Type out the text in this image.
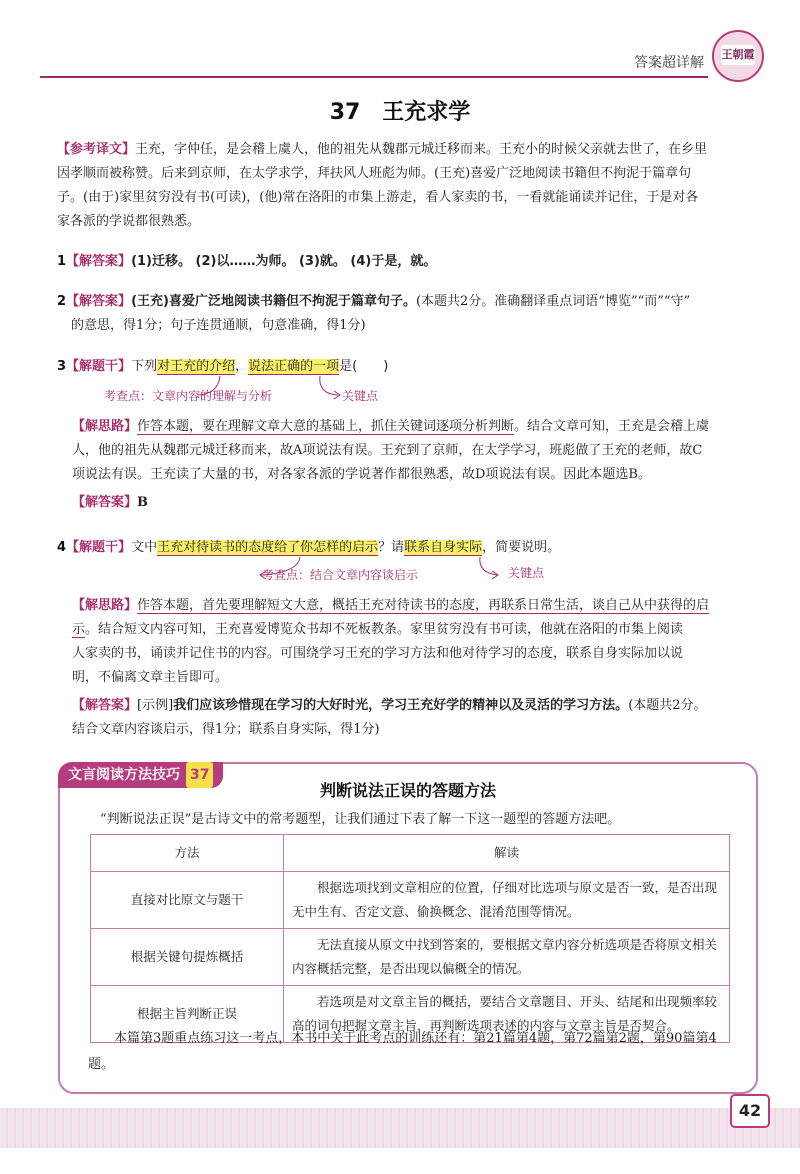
答案超详解
王朝霞
37　王充求学
【参考译文】王充，字仲任，是会稽上虞人，他的祖先从魏郡元城迁移而来。王充小的时候父亲就去世了，在乡里
因孝顺而被称赞。后来到京师，在太学求学，拜扶风人班彪为师。(王充)喜爱广泛地阅读书籍但不拘泥于篇章句
子。(由于)家里贫穷没有书(可读)，(他)常在洛阳的市集上游走，看人家卖的书，一看就能诵读并记住，于是对各
家各派的学说都很熟悉。
1【解答案】(1)迁移。 (2)以……为师。 (3)就。 (4)于是，就。
2【解答案】(王充)喜爱广泛地阅读书籍但不拘泥于篇章句子。(本题共2分。准确翻译重点词语“博览”“而”“守”
的意思，得1分；句子连贯通顺，句意准确，得1分)
3【解题干】下列对王充的介绍，说法正确的一项是(　　)
考查点：文章内容的理解与分析	关键点
【解思路】作答本题，要在理解文章大意的基础上，抓住关键词逐项分析判断。结合文章可知，王充是会稽上虞
人，他的祖先从魏郡元城迁移而来，故A项说法有误。王充到了京师，在太学学习，班彪做了王充的老师，故C
项说法有误。王充读了大量的书，对各家各派的学说著作都很熟悉，故D项说法有误。因此本题选B。
【解答案】B
4【解题干】文中王充对待读书的态度给了你怎样的启示？请联系自身实际，简要说明。
考查点：结合文章内容谈启示	关键点
【解思路】作答本题，首先要理解短文大意，概括王充对待读书的态度，再联系日常生活，谈自己从中获得的启
示。结合短文内容可知，王充喜爱博览众书却不死板教条。家里贫穷没有书可读，他就在洛阳的市集上阅读
人家卖的书，诵读并记住书的内容。可围绕学习王充的学习方法和他对待学习的态度，联系自身实际加以说
明，不偏离文章主旨即可。
【解答案】[示例]我们应该珍惜现在学习的大好时光，学习王充好学的精神以及灵活的学习方法。(本题共2分。
结合文章内容谈启示，得1分；联系自身实际，得1分)
文言阅读方法技巧 37
判断说法正误的答题方法
“判断说法正误”是古诗文中的常考题型，让我们通过下表了解一下这一题型的答题方法吧。
方法	解读
直接对比原文与题干	　　根据选项找到文章相应的位置，仔细对比选项与原文是否一致，是否出现无中生有、否定文意、偷换概念、混淆范围等情况。
根据关键句提炼概括	　　无法直接从原文中找到答案的，要根据文章内容分析选项是否将原文相关内容概括完整，是否出现以偏概全的情况。
根据主旨判断正误	　　若选项是对文章主旨的概括，要结合文章题目、开头、结尾和出现频率较高的词句把握文章主旨，再判断选项表述的内容与文章主旨是否契合。
　　本篇第3题重点练习这一考点，本书中关于此考点的训练还有：第21篇第4题，第72篇第2题，第90篇第4题。
42
